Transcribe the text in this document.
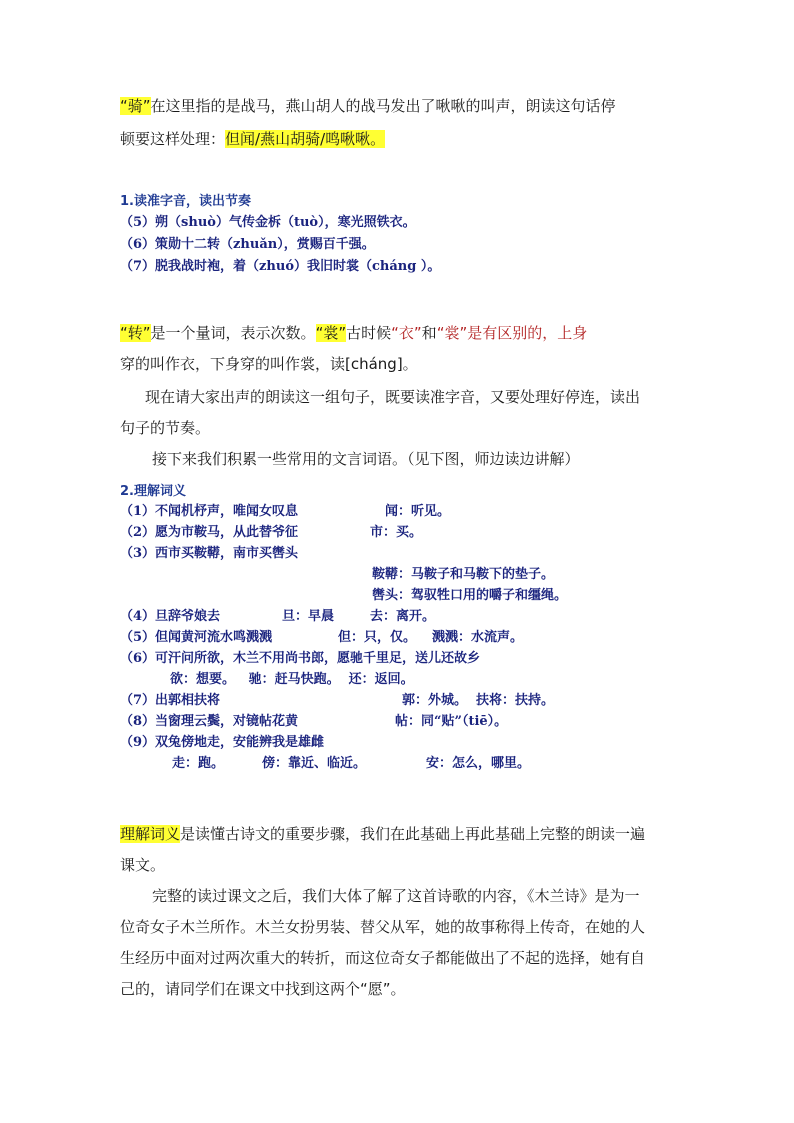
“骑”在这里指的是战马，燕山胡人的战马发出了啾啾的叫声，朗读这句话停
顿要这样处理：但闻/燕山胡骑/鸣啾啾。
1.读准字音，读出节奏
（5）朔（shuò）气传金柝（tuò），寒光照铁衣。
（6）策勋十二转（zhuǎn），赏赐百千强。
（7）脱我战时袍，着（zhuó）我旧时裳（cháng ）。
“转”是一个量词，表示次数。“裳”古时候“衣”和“裳”是有区别的，上身
穿的叫作衣，下身穿的叫作裳，读[cháng]。
现在请大家出声的朗读这一组句子，既要读准字音，又要处理好停连，读出
句子的节奏。
接下来我们积累一些常用的文言词语。（见下图，师边读边讲解）
2.理解词义
（1）不闻机杼声，唯闻女叹息	闻：听见。
（2）愿为市鞍马，从此替爷征	市：买。
（3）西市买鞍鞯，南市买辔头
鞍鞯：马鞍子和马鞍下的垫子。
辔头：驾驭牲口用的嚼子和缰绳。
（4）旦辞爷娘去	旦：早晨	去：离开。
（5）但闻黄河流水鸣溅溅	但：只，仅。 溅溅：水流声。
（6）可汗问所欲，木兰不用尚书郎，愿驰千里足，送儿还故乡
欲：想要。   驰：赶马快跑。  还：返回。
（7）出郭相扶将	郭：外城。  扶将：扶持。
（8）当窗理云鬓，对镜帖花黄	帖：同“贴”（tiē）。
（9）双兔傍地走，安能辨我是雄雌
走：跑。	傍：靠近、临近。	安：怎么，哪里。
理解词义是读懂古诗文的重要步骤，我们在此基础上再此基础上完整的朗读一遍
课文。
完整的读过课文之后，我们大体了解了这首诗歌的内容，《木兰诗》是为一
位奇女子木兰所作。木兰女扮男装、替父从军，她的故事称得上传奇，在她的人
生经历中面对过两次重大的转折，而这位奇女子都能做出了不起的选择，她有自
己的，请同学们在课文中找到这两个“愿”。
